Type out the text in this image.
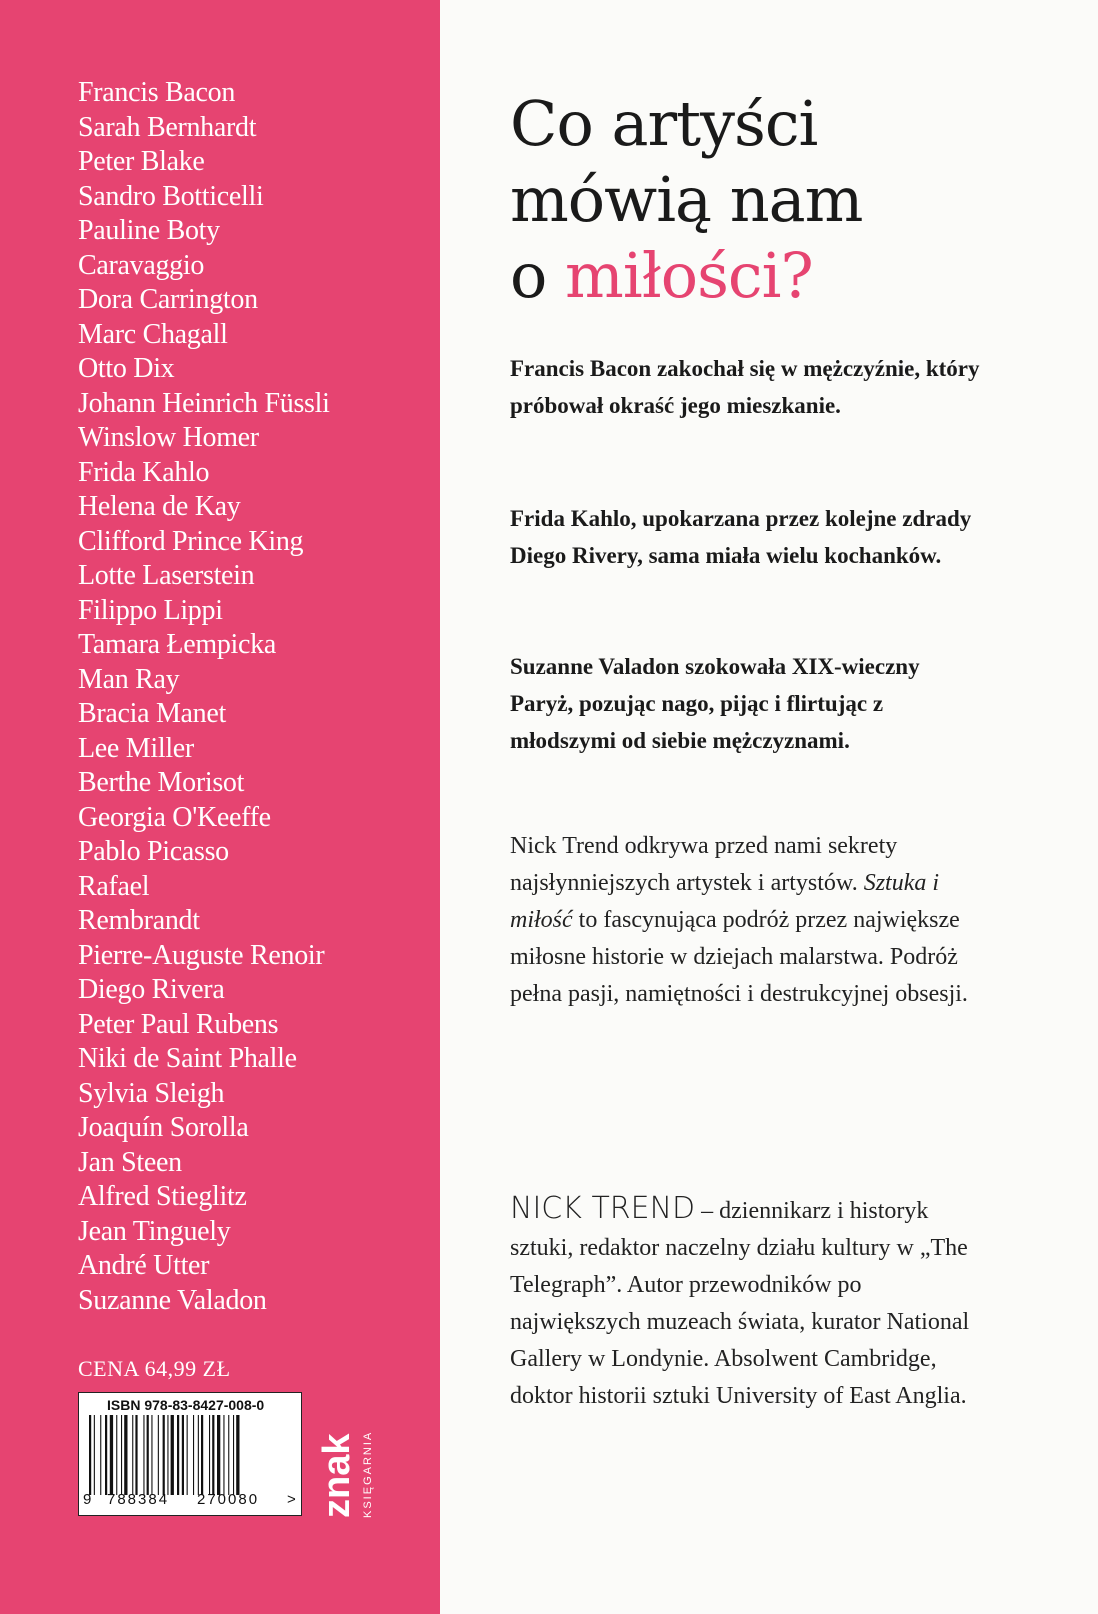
Francis Bacon
Sarah Bernhardt
Peter Blake
Sandro Botticelli
Pauline Boty
Caravaggio
Dora Carrington
Marc Chagall
Otto Dix
Johann Heinrich Füssli
Winslow Homer
Frida Kahlo
Helena de Kay
Clifford Prince King
Lotte Laserstein
Filippo Lippi
Tamara Łempicka
Man Ray
Bracia Manet
Lee Miller
Berthe Morisot
Georgia O'Keeffe
Pablo Picasso
Rafael
Rembrandt
Pierre-Auguste Renoir
Diego Rivera
Peter Paul Rubens
Niki de Saint Phalle
Sylvia Sleigh
Joaquín Sorolla
Jan Steen
Alfred Stieglitz
Jean Tinguely
André Utter
Suzanne Valadon
CENA 64,99 ZŁ
ISBN 978-83-8427-008-0
9 788384 270080 > znak KSIĘGARNIA
Co artyści
mówią nam
o miłości?

Francis Bacon zakochał się w mężczyźnie, który próbował okraść jego mieszkanie.

Frida Kahlo, upokarzana przez kolejne zdrady Diego Rivery, sama miała wielu kochanków.

Suzanne Valadon szokowała XIX-wieczny Paryż, pozując nago, pijąc i flirtując z młodszymi od siebie mężczyznami.

Nick Trend odkrywa przed nami sekrety najsłynniejszych artystek i artystów. Sztuka i miłość to fascynująca podróż przez największe miłosne historie w dziejach malarstwa. Podróż pełna pasji, namiętności i destrukcyjnej obsesji.

NICK TREND – dziennikarz i historyk sztuki, redaktor naczelny działu kultury w „The Telegraph”. Autor przewodników po największych muzeach świata, kurator National Gallery w Londynie. Absolwent Cambridge, doktor historii sztuki University of East Anglia.
